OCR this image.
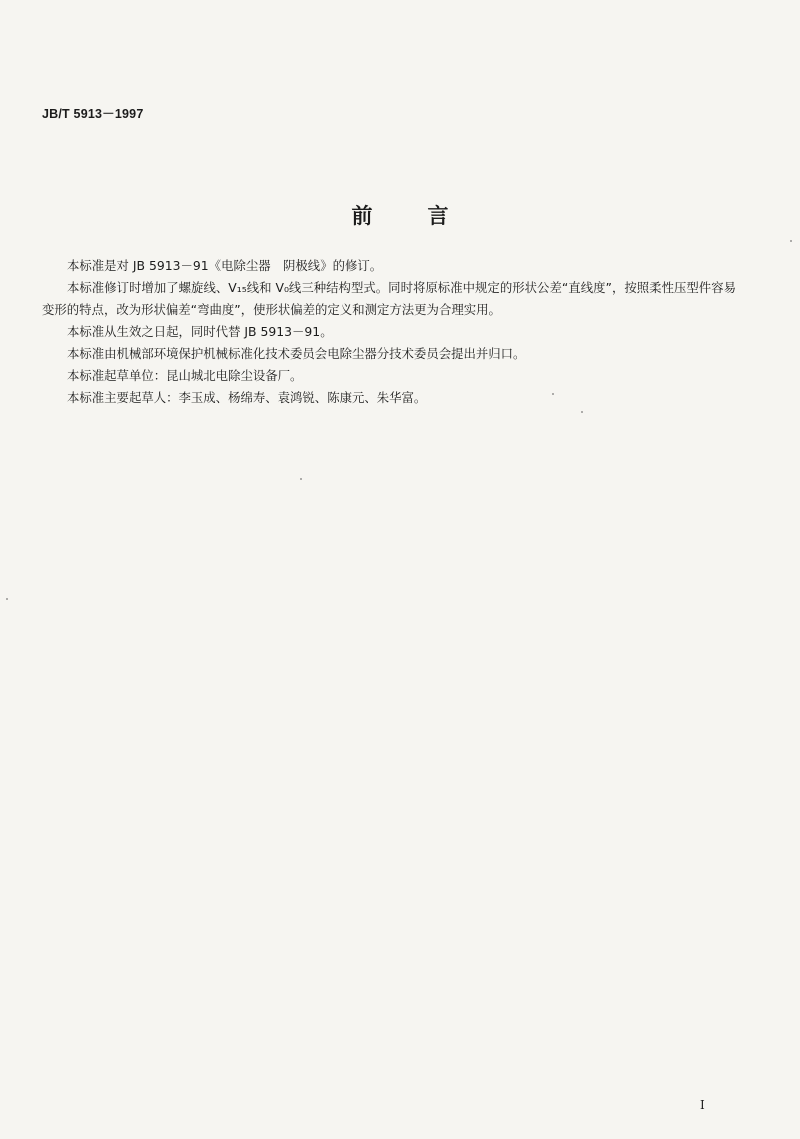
JB/T 5913－1997
前言

本标准是对 JB 5913－91《电除尘器　阴极线》的修订。

本标准修订时增加了螺旋线、V₁₅线和 V₀线三种结构型式。同时将原标准中规定的形状公差“直线度”，按照柔性压型件容易变形的特点，改为形状偏差“弯曲度”，使形状偏差的定义和测定方法更为合理实用。

本标准从生效之日起，同时代替 JB 5913－91。

本标准由机械部环境保护机械标准化技术委员会电除尘器分技术委员会提出并归口。

本标准起草单位：昆山城北电除尘设备厂。

本标准主要起草人：李玉成、杨绵寿、袁鸿锐、陈康元、朱华富。

I
